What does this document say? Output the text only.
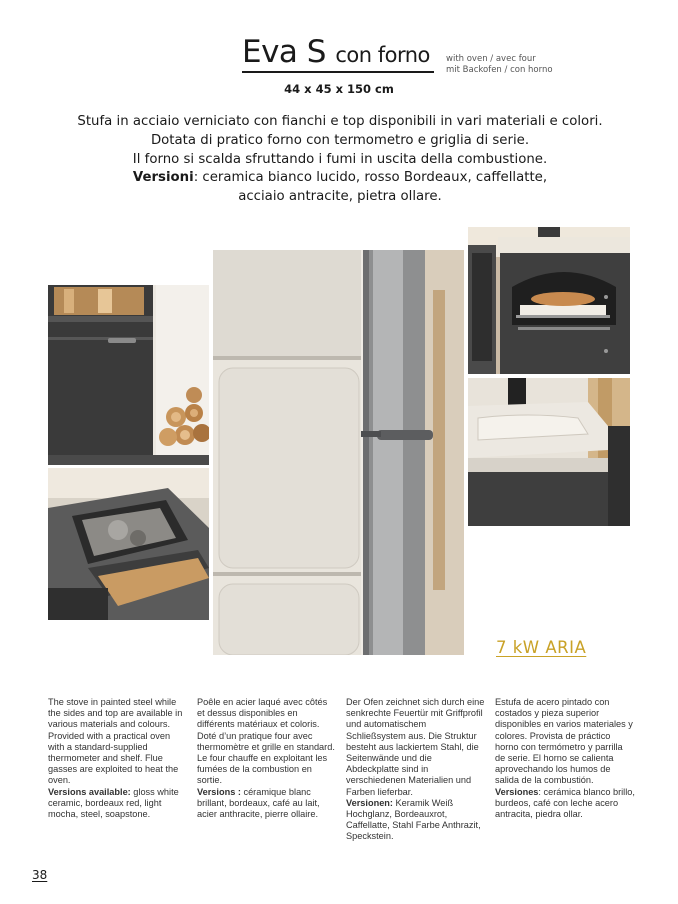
Eva S con forno with oven / avec four
mit Backofen / con horno
44 x 45 x 150 cm

Stufa in acciaio verniciato con fianchi e top disponibili in vari materiali e colori.

Dotata di pratico forno con termometro e griglia di serie.

Il forno si scalda sfruttando i fumi in uscita della combustione.

Versioni: ceramica bianco lucido, rosso Bordeaux, caffellatte,
acciaio antracite, pietra ollare.
7 kW ARIA
The stove in painted steel while the sides and top are available in various materials and colours. Provided with a practical oven with a standard-supplied thermometer and shelf. Flue gasses are exploited to heat the oven.
Versions available: gloss white ceramic, bordeaux red, light mocha, steel, soapstone.
Poêle en acier laqué avec côtés et dessus disponibles en différents matériaux et coloris. Doté d’un pratique four avec thermomètre et grille en standard. Le four chauffe en exploitant les fumées de la combustion en sortie.
Versions : céramique blanc brillant, bordeaux, café au lait, acier anthracite, pierre ollaire.
Der Ofen zeichnet sich durch eine senkrechte Feuertür mit Griffprofil und automatischem Schließsystem aus. Die Struktur besteht aus lackiertem Stahl, die Seitenwände und die Abdeckplatte sind in verschiedenen Materialien und Farben lieferbar.
Versionen: Keramik Weiß Hochglanz, Bordeauxrot, Caffellatte, Stahl Farbe Anthrazit, Speckstein.
Estufa de acero pintado con costados y pieza superior disponibles en varios materiales y colores. Provista de práctico horno con termómetro y parrilla de serie. El horno se calienta aprovechando los humos de salida de la combustión.
Versiones: cerámica blanco brillo, burdeos, café con leche acero antracita, piedra ollar.
38
